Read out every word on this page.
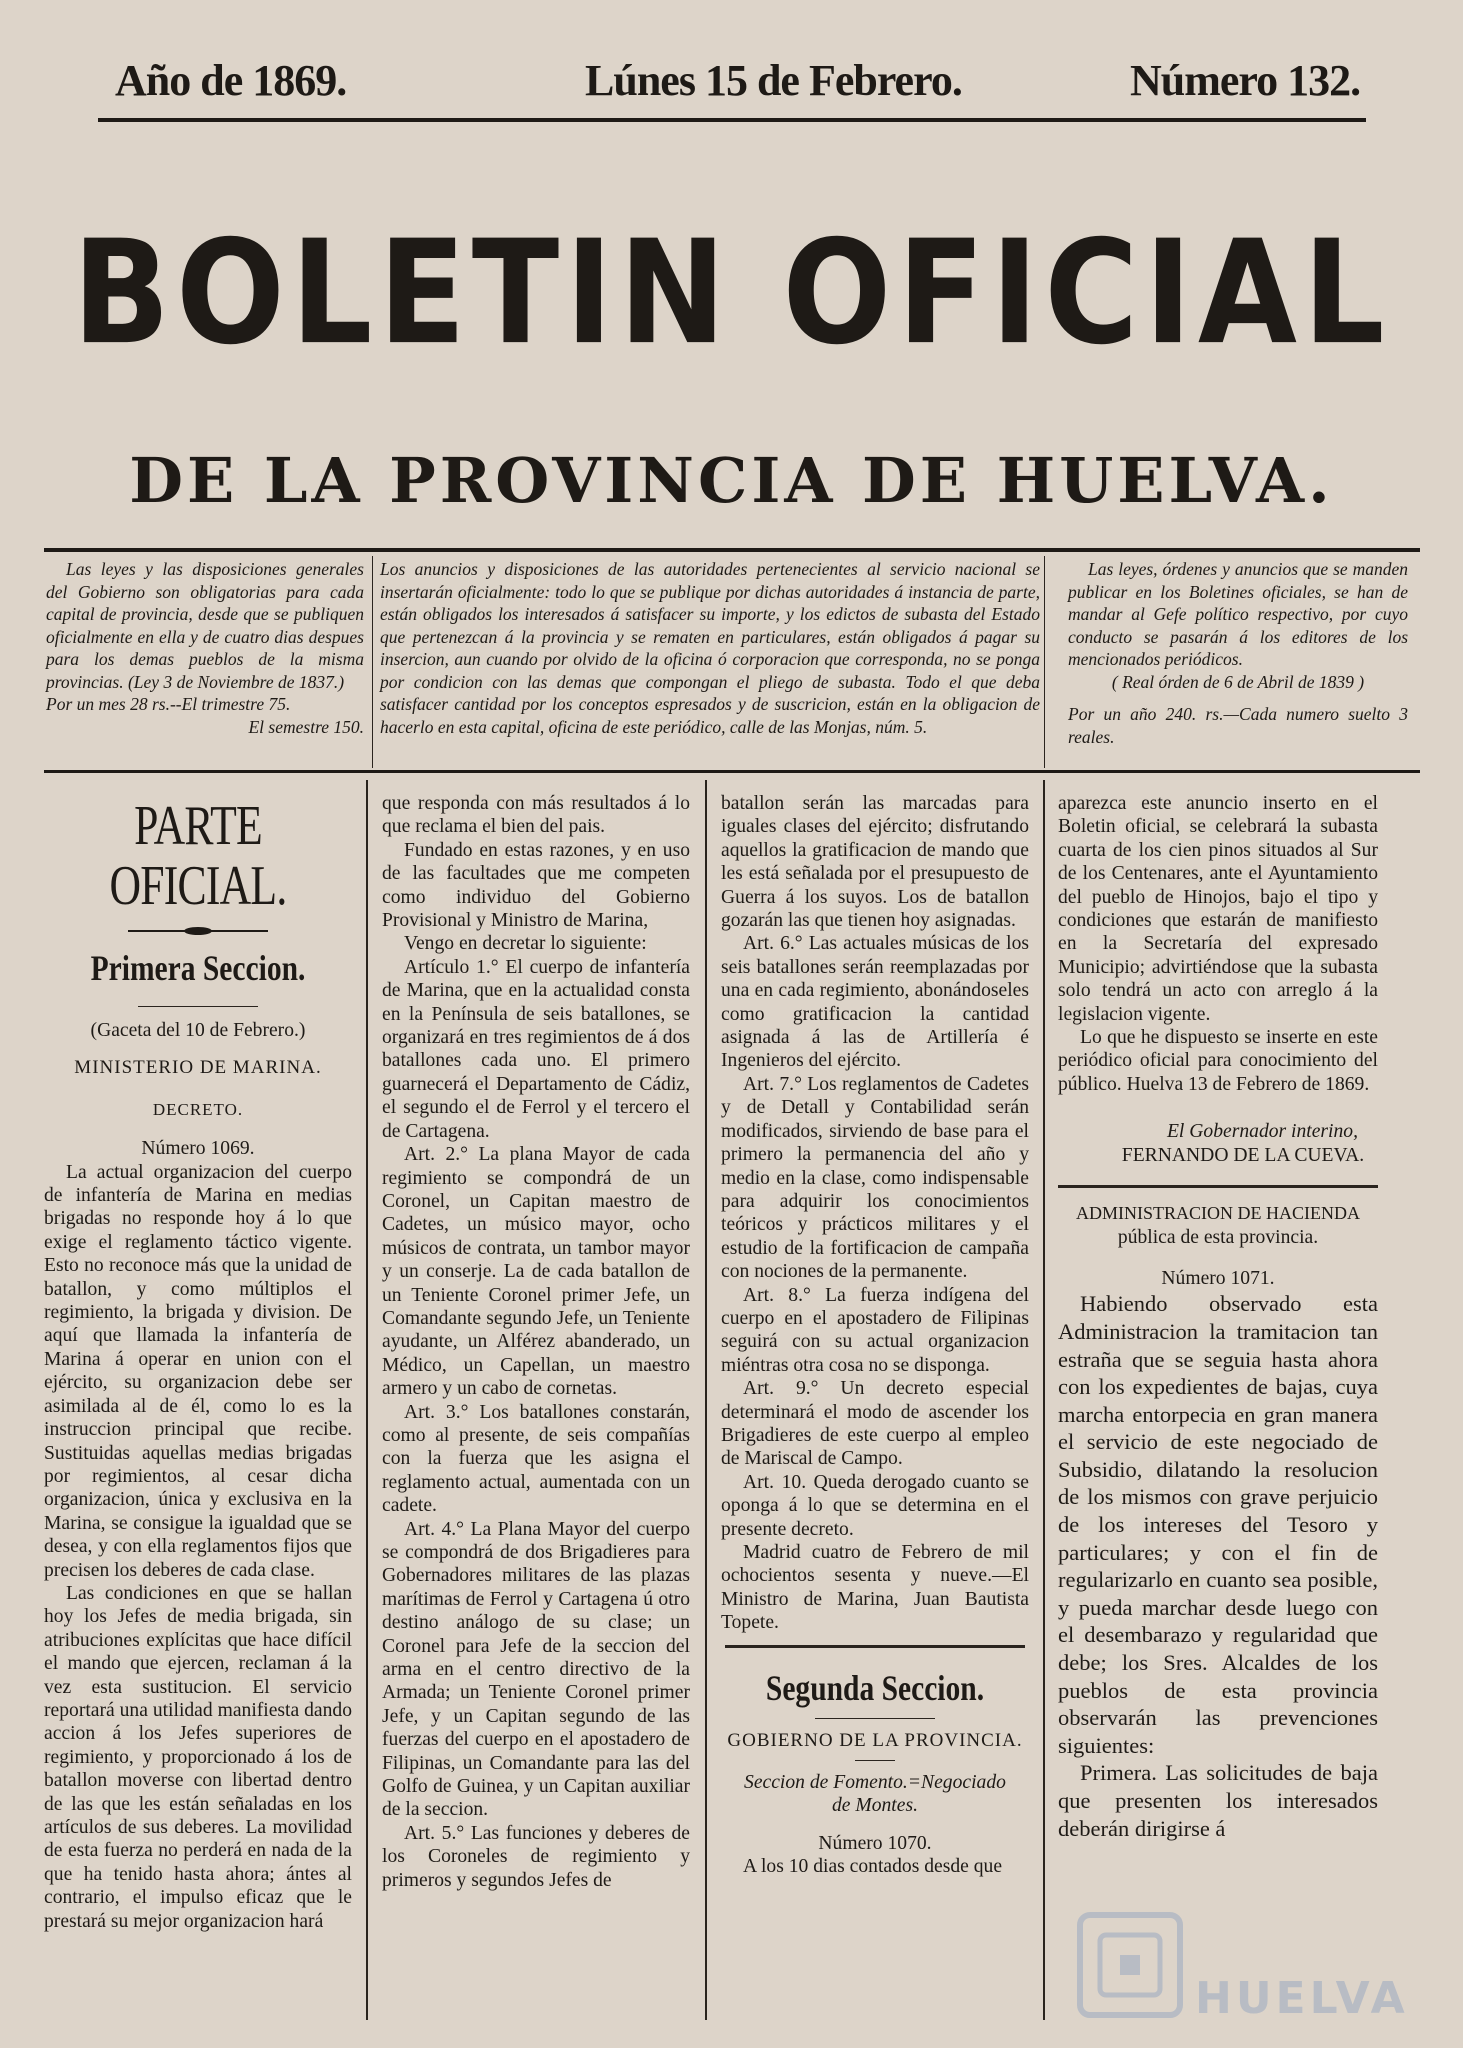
Año de 1869.	Lúnes 15 de Febrero.	Número 132.
BOLETIN OFICIAL
DE LA PROVINCIA DE HUELVA.

Las leyes y las disposiciones generales del Gobierno son obligatorias para cada capital de provincia, desde que se publiquen oficialmente en ella y de cuatro dias despues para los demas pueblos de la misma provincias. (Ley 3 de Noviembre de 1837.)

Por un mes 28 rs.--El trimestre 75.

El semestre 150.

Los anuncios y disposiciones de las autoridades pertenecientes al servicio nacional se insertarán oficialmente: todo lo que se publique por dichas autoridades á instancia de parte, están obligados los interesados á satisfacer su importe, y los edictos de subasta del Estado que pertenezcan á la provincia y se rematen en particulares, están obligados á pagar su insercion, aun cuando por olvido de la oficina ó corporacion que corresponda, no se ponga por condicion con las demas que compongan el pliego de subasta. Todo el que deba satisfacer cantidad por los conceptos espresados y de suscricion, están en la obligacion de hacerlo en esta capital, oficina de este periódico, calle de las Monjas, núm. 5.

Las leyes, órdenes y anuncios que se manden publicar en los Boletines oficiales, se han de mandar al Gefe político respectivo, por cuyo conducto se pasarán á los editores de los mencionados periódicos.

( Real órden de 6 de Abril de 1839 )

Por un año 240. rs.—Cada numero suelto 3 reales.

PARTE OFICIAL.
Primera Seccion.

(Gaceta del 10 de Febrero.)

MINISTERIO DE MARINA.

DECRETO.

Número 1069.

La actual organizacion del cuerpo de infantería de Marina en medias brigadas no responde hoy á lo que exige el reglamento táctico vigente. Esto no reconoce más que la unidad de batallon, y como múltiplos el regimiento, la brigada y division. De aquí que llamada la infantería de Marina á operar en union con el ejército, su organizacion debe ser asimilada al de él, como lo es la instruccion principal que recibe. Sustituidas aquellas medias brigadas por regimientos, al cesar dicha organizacion, única y exclusiva en la Marina, se consigue la igualdad que se desea, y con ella reglamentos fijos que precisen los deberes de cada clase.

Las condiciones en que se hallan hoy los Jefes de media brigada, sin atribuciones explícitas que hace difícil el mando que ejercen, reclaman á la vez esta sustitucion. El servicio reportará una utilidad manifiesta dando accion á los Jefes superiores de regimiento, y proporcionado á los de batallon moverse con libertad dentro de las que les están señaladas en los artículos de sus deberes. La movilidad de esta fuerza no perderá en nada de la que ha tenido hasta ahora; ántes al contrario, el impulso eficaz que le prestará su mejor organizacion hará

que responda con más resultados á lo que reclama el bien del pais.

Fundado en estas razones, y en uso de las facultades que me competen como individuo del Gobierno Provisional y Ministro de Marina,

Vengo en decretar lo siguiente:

Artículo 1.° El cuerpo de infantería de Marina, que en la actualidad consta en la Península de seis batallones, se organizará en tres regimientos de á dos batallones cada uno. El primero guarnecerá el Departamento de Cádiz, el segundo el de Ferrol y el tercero el de Cartagena.

Art. 2.° La plana Mayor de cada regimiento se compondrá de un Coronel, un Capitan maestro de Cadetes, un músico mayor, ocho músicos de contrata, un tambor mayor y un conserje. La de cada batallon de un Teniente Coronel primer Jefe, un Comandante segundo Jefe, un Teniente ayudante, un Alférez abanderado, un Médico, un Capellan, un maestro armero y un cabo de cornetas.

Art. 3.° Los batallones constarán, como al presente, de seis compañías con la fuerza que les asigna el reglamento actual, aumentada con un cadete.

Art. 4.° La Plana Mayor del cuerpo se compondrá de dos Brigadieres para Gobernadores militares de las plazas marítimas de Ferrol y Cartagena ú otro destino análogo de su clase; un Coronel para Jefe de la seccion del arma en el centro directivo de la Armada; un Teniente Coronel primer Jefe, y un Capitan segundo de las fuerzas del cuerpo en el apostadero de Filipinas, un Comandante para las del Golfo de Guinea, y un Capitan auxiliar de la seccion.

Art. 5.° Las funciones y deberes de los Coroneles de regimiento y primeros y segundos Jefes de

batallon serán las marcadas para iguales clases del ejército; disfrutando aquellos la gratificacion de mando que les está señalada por el presupuesto de Guerra á los suyos. Los de batallon gozarán las que tienen hoy asignadas.

Art. 6.° Las actuales músicas de los seis batallones serán reemplazadas por una en cada regimiento, abonándoseles como gratificacion la cantidad asignada á las de Artillería é Ingenieros del ejército.

Art. 7.° Los reglamentos de Cadetes y de Detall y Contabilidad serán modificados, sirviendo de base para el primero la permanencia del año y medio en la clase, como indispensable para adquirir los conocimientos teóricos y prácticos militares y el estudio de la fortificacion de campaña con nociones de la permanente.

Art. 8.° La fuerza indígena del cuerpo en el apostadero de Filipinas seguirá con su actual organizacion miéntras otra cosa no se disponga.

Art. 9.° Un decreto especial determinará el modo de ascender los Brigadieres de este cuerpo al empleo de Mariscal de Campo.

Art. 10. Queda derogado cuanto se oponga á lo que se determina en el presente decreto.

Madrid cuatro de Febrero de mil ochocientos sesenta y nueve.—El Ministro de Marina, Juan Bautista Topete.

Segunda Seccion.

GOBIERNO DE LA PROVINCIA.

Seccion de Fomento.=Negociado de Montes.

Número 1070.

A los 10 dias contados desde que

aparezca este anuncio inserto en el Boletin oficial, se celebrará la subasta cuarta de los cien pinos situados al Sur de los Centenares, ante el Ayuntamiento del pueblo de Hinojos, bajo el tipo y condiciones que estarán de manifiesto en la Secretaría del expresado Municipio; advirtiéndose que la subasta solo tendrá un acto con arreglo á la legislacion vigente.

Lo que he dispuesto se inserte en este periódico oficial para conocimiento del público. Huelva 13 de Febrero de 1869.

El Gobernador interino,

FERNANDO DE LA CUEVA.

ADMINISTRACION DE HACIENDA

pública de esta provincia.

Número 1071.

Habiendo observado esta Administracion la tramitacion tan estraña que se seguia hasta ahora con los expedientes de bajas, cuya marcha entorpecia en gran manera el servicio de este negociado de Subsidio, dilatando la resolucion de los mismos con grave perjuicio de los intereses del Tesoro y particulares; y con el fin de regularizarlo en cuanto sea posible, y pueda marchar desde luego con el desembarazo y regularidad que debe; los Sres. Alcaldes de los pueblos de esta provincia observarán las prevenciones siguientes:

Primera. Las solicitudes de baja que presenten los interesados deberán dirigirse á

HUELVA
